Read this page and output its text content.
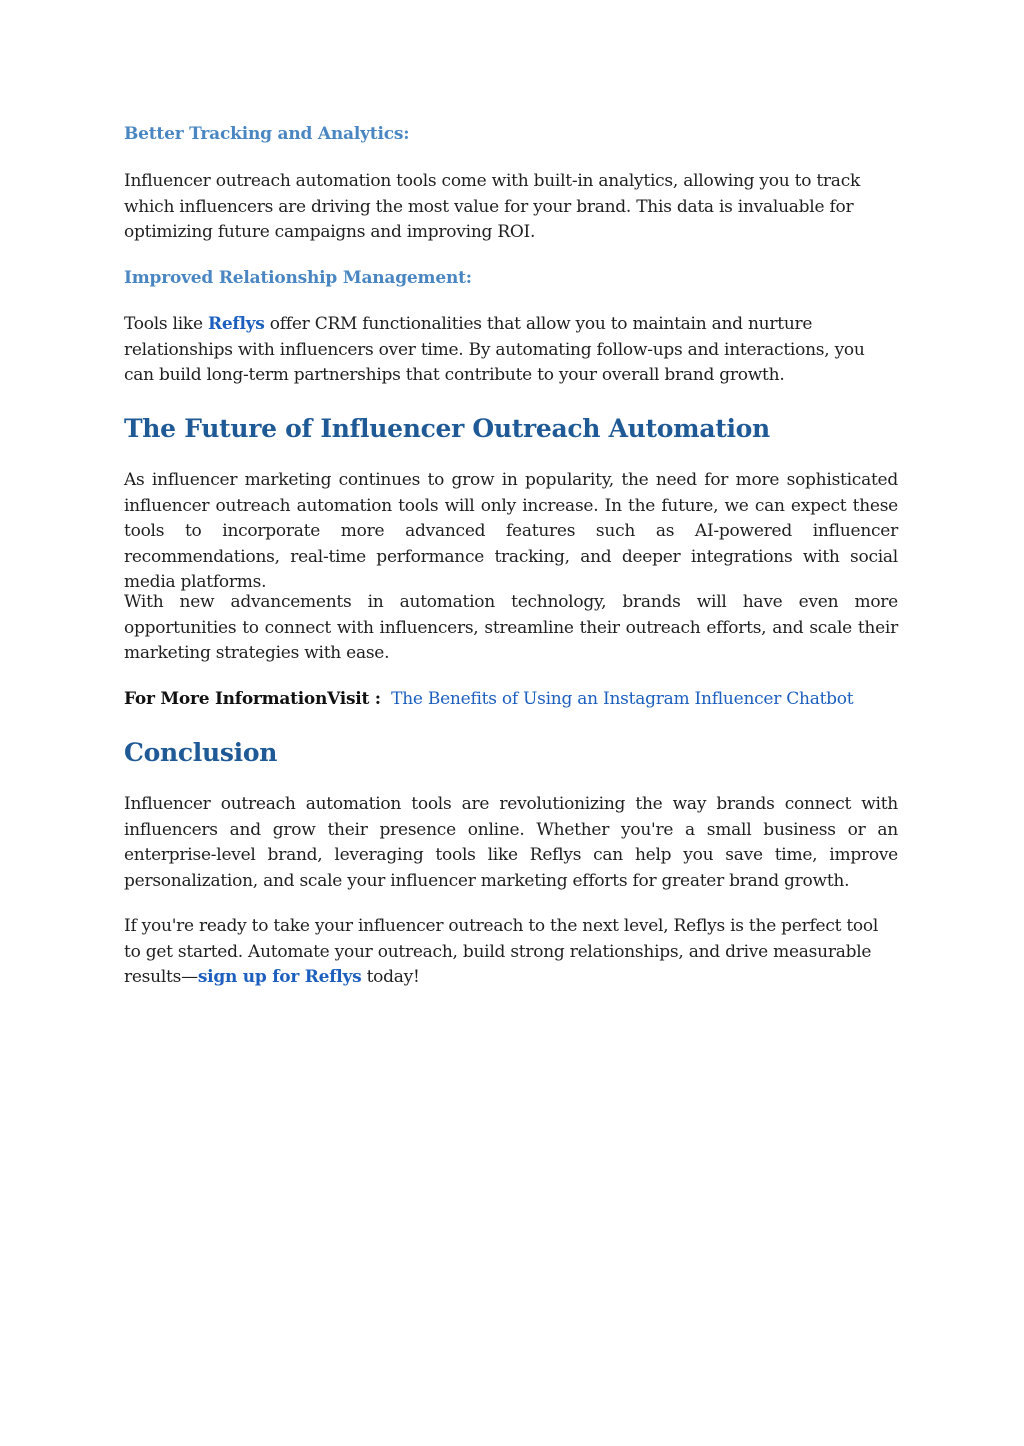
Better Tracking and Analytics:

Influencer outreach automation tools come with built-in analytics, allowing you to track which influencers are driving the most value for your brand. This data is invaluable for optimizing future campaigns and improving ROI.

Improved Relationship Management:

Tools like Reflys offer CRM functionalities that allow you to maintain and nurture relationships with influencers over time. By automating follow-ups and interactions, you can build long-term partnerships that contribute to your overall brand growth.

The Future of Influencer Outreach Automation

As influencer marketing continues to grow in popularity, the need for more sophisticated influencer outreach automation tools will only increase. In the future, we can expect these tools to incorporate more advanced features such as AI-powered influencer recommendations, real-time performance tracking, and deeper integrations with social media platforms.

With new advancements in automation technology, brands will have even more opportunities to connect with influencers, streamline their outreach efforts, and scale their marketing strategies with ease.

For More InformationVisit : The Benefits of Using an Instagram Influencer Chatbot

Conclusion

Influencer outreach automation tools are revolutionizing the way brands connect with influencers and grow their presence online. Whether you're a small business or an enterprise-level brand, leveraging tools like Reflys can help you save time, improve personalization, and scale your influencer marketing efforts for greater brand growth.

If you're ready to take your influencer outreach to the next level, Reflys is the perfect tool to get started. Automate your outreach, build strong relationships, and drive measurable results—sign up for Reflys today!
